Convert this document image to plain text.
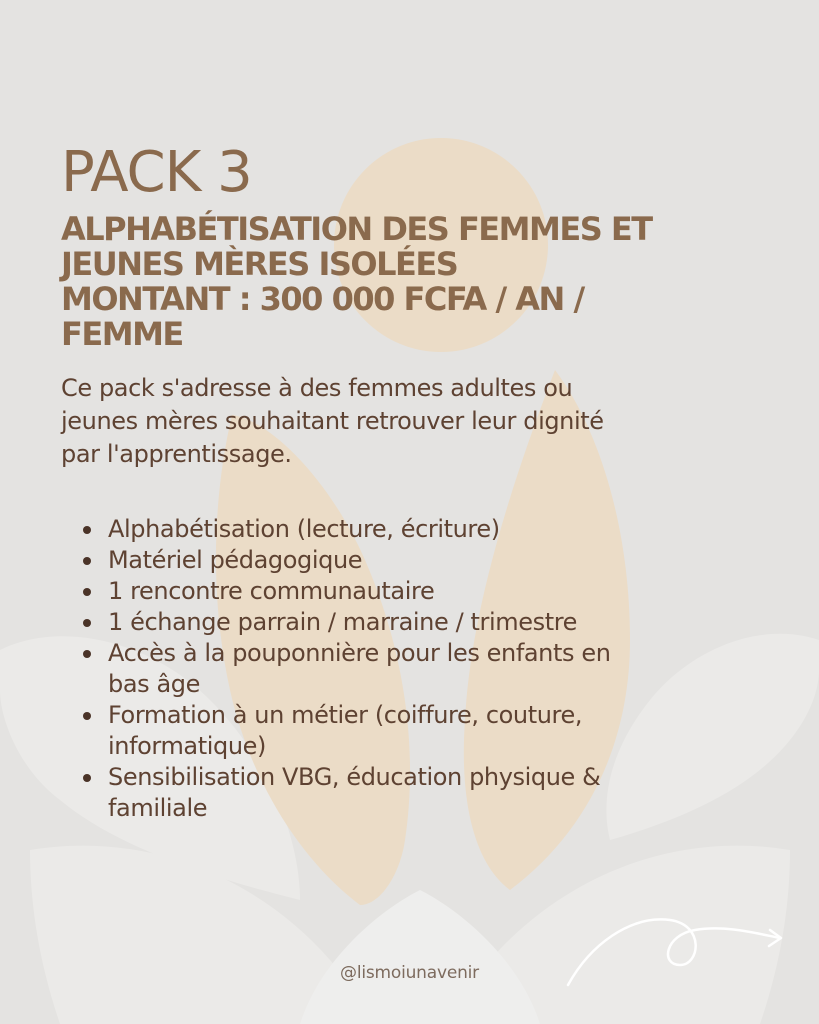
PACK 3
ALPHABÉTISATION DES FEMMES ET
JEUNES MÈRES ISOLÉES
MONTANT : 300 000 FCFA / AN /
FEMME
Ce pack s'adresse à des femmes adultes ou
jeunes mères souhaitant retrouver leur dignité
par l'apprentissage.
Alphabétisation (lecture, écriture)
Matériel pédagogique
1 rencontre communautaire
1 échange parrain / marraine / trimestre
Accès à la pouponnière pour les enfants en
bas âge
Formation à un métier (coiffure, couture,
informatique)
Sensibilisation VBG, éducation physique &
familiale
@lismoiunavenir
